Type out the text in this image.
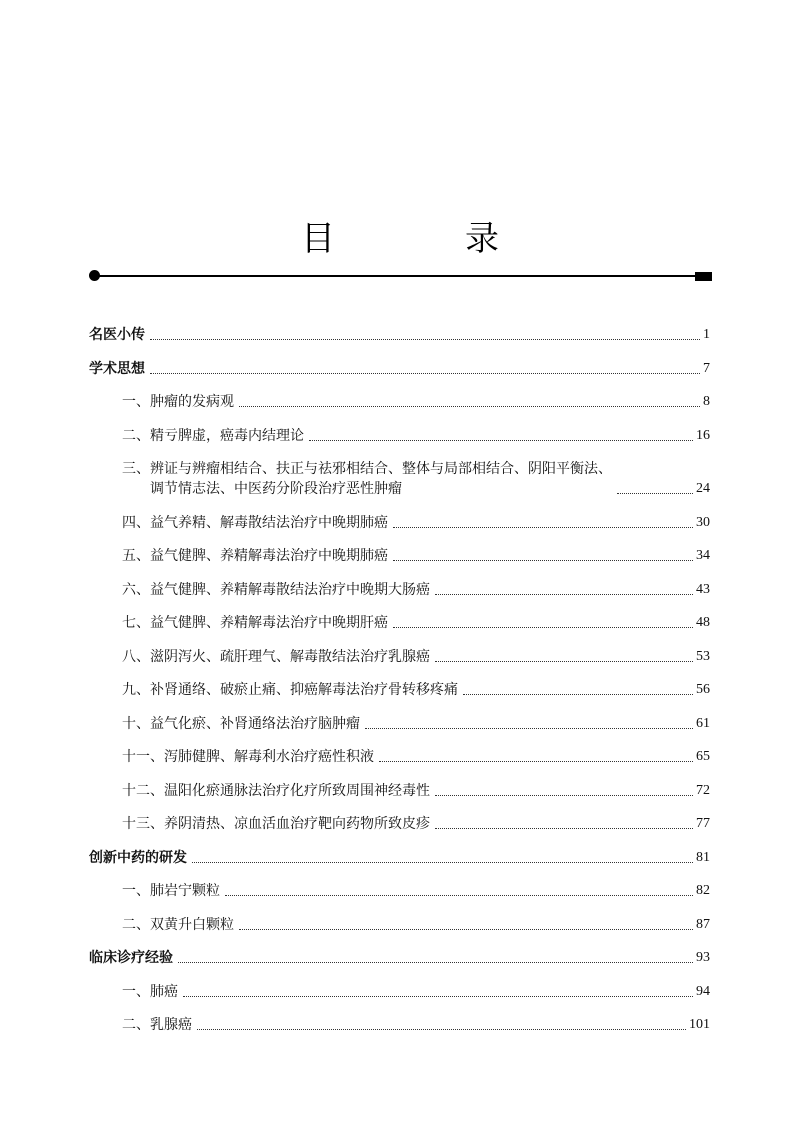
目　录
名医小传	1
学术思想	7
一、肿瘤的发病观	8
二、精亏脾虚，癌毒内结理论	16
三、辨证与辨瘤相结合、扶正与祛邪相结合、整体与局部相结合、阴阳平衡法、
调节情志法、中医药分阶段治疗恶性肿瘤	24
四、益气养精、解毒散结法治疗中晚期肺癌	30
五、益气健脾、养精解毒法治疗中晚期肺癌	34
六、益气健脾、养精解毒散结法治疗中晚期大肠癌	43
七、益气健脾、养精解毒法治疗中晚期肝癌	48
八、滋阴泻火、疏肝理气、解毒散结法治疗乳腺癌	53
九、补肾通络、破瘀止痛、抑癌解毒法治疗骨转移疼痛	56
十、益气化瘀、补肾通络法治疗脑肿瘤	61
十一、泻肺健脾、解毒利水治疗癌性积液	65
十二、温阳化瘀通脉法治疗化疗所致周围神经毒性	72
十三、养阴清热、凉血活血治疗靶向药物所致皮疹	77
创新中药的研发	81
一、肺岩宁颗粒	82
二、双黄升白颗粒	87
临床诊疗经验	93
一、肺癌	94
二、乳腺癌	101
